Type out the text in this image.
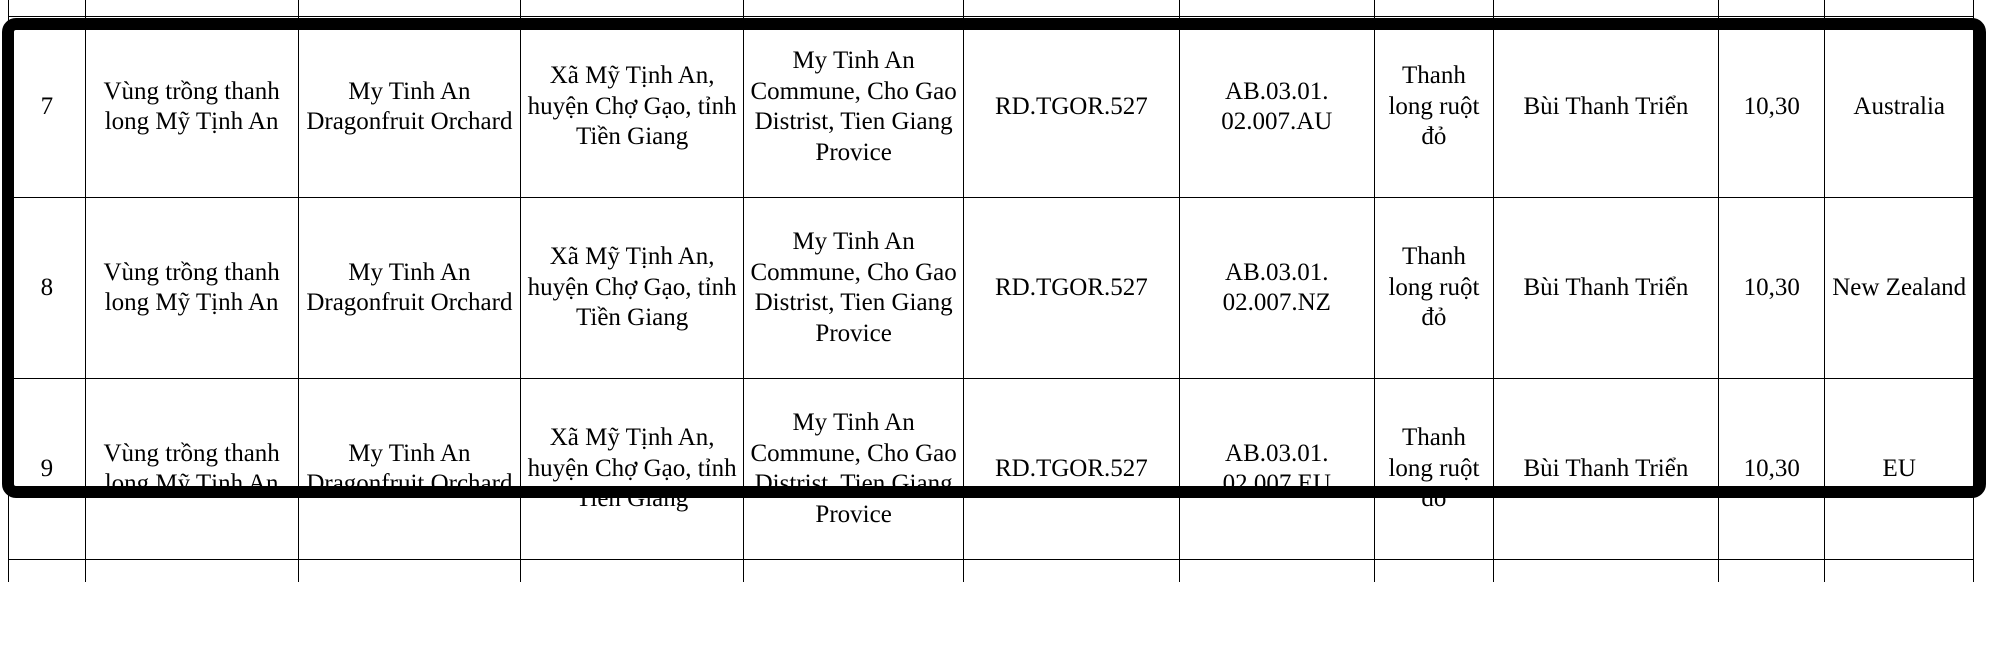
7	Vùng trồng thanh long Mỹ Tịnh An	My Tinh An Dragonfruit Orchard	Xã Mỹ Tịnh An, huyện Chợ Gạo, tỉnh Tiền Giang	My Tinh An Commune, Cho Gao Distrist, Tien Giang Provice	RD.TGOR.527	AB.03.01. 02.007.AU	Thanh long ruột đỏ	Bùi Thanh Triển	10,30	Australia
8	Vùng trồng thanh long Mỹ Tịnh An	My Tinh An Dragonfruit Orchard	Xã Mỹ Tịnh An, huyện Chợ Gạo, tỉnh Tiền Giang	My Tinh An Commune, Cho Gao Distrist, Tien Giang Provice	RD.TGOR.527	AB.03.01. 02.007.NZ	Thanh long ruột đỏ	Bùi Thanh Triển	10,30	New Zealand
9	Vùng trồng thanh long Mỹ Tịnh An	My Tinh An Dragonfruit Orchard	Xã Mỹ Tịnh An, huyện Chợ Gạo, tỉnh Tiền Giang	My Tinh An Commune, Cho Gao Distrist, Tien Giang Provice	RD.TGOR.527	AB.03.01. 02.007.EU	Thanh long ruột đỏ	Bùi Thanh Triển	10,30	EU
